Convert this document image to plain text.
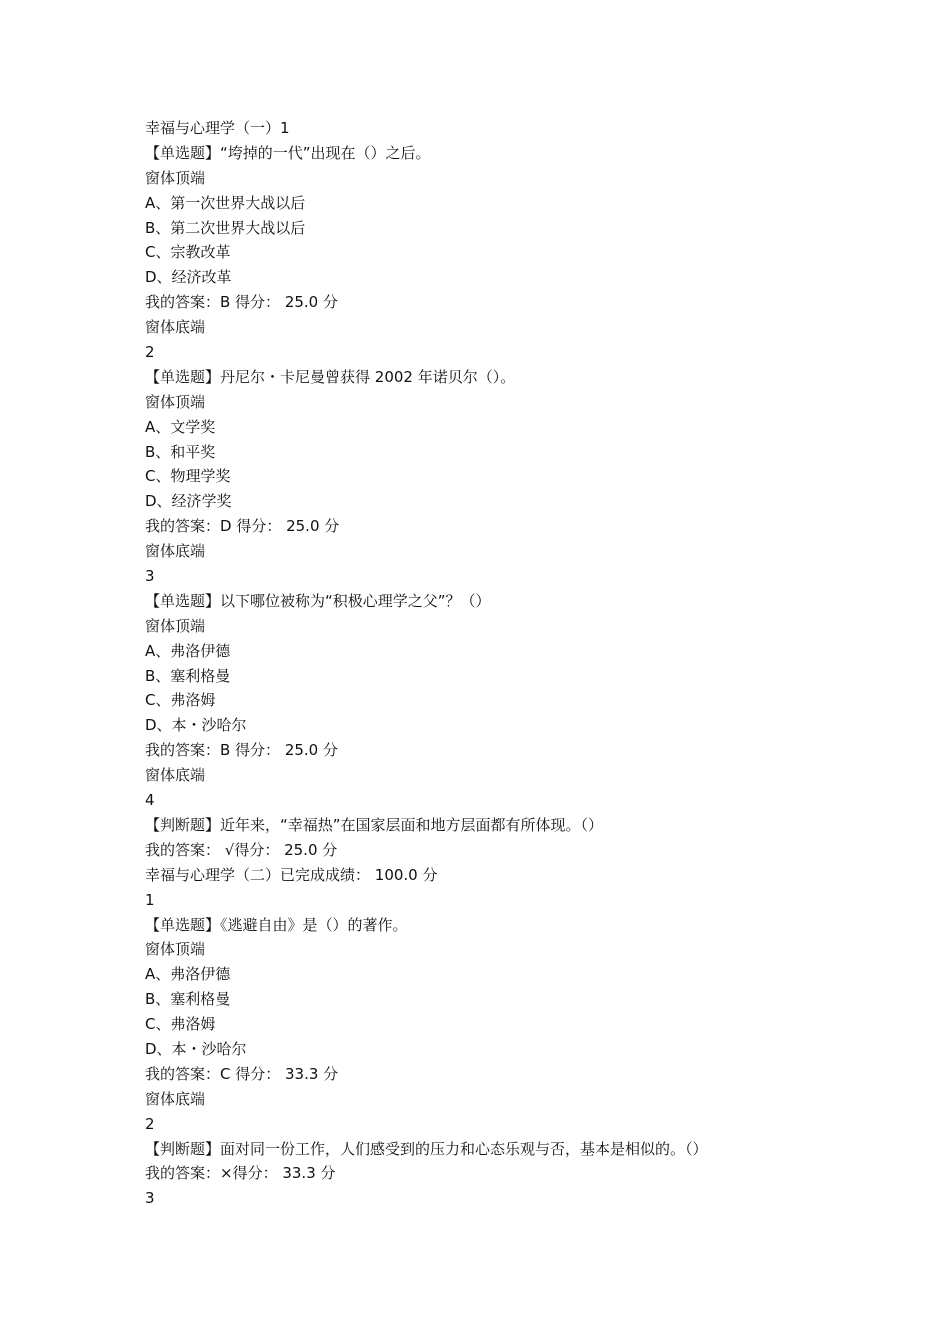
幸福与心理学（一）1
【单选题】“垮掉的一代”出现在（）之后。
窗体顶端
A、第一次世界大战以后
B、第二次世界大战以后
C、宗教改革
D、经济改革
我的答案：B 得分： 25.0 分
窗体底端
2
【单选题】丹尼尔・卡尼曼曾获得 2002 年诺贝尔（）。
窗体顶端
A、文学奖
B、和平奖
C、物理学奖
D、经济学奖
我的答案：D 得分： 25.0 分
窗体底端
3
【单选题】以下哪位被称为“积极心理学之父”？（）
窗体顶端
A、弗洛伊德
B、塞利格曼
C、弗洛姆
D、本・沙哈尔
我的答案：B 得分： 25.0 分
窗体底端
4
【判断题】近年来，“幸福热”在国家层面和地方层面都有所体现。（）
我的答案： √得分： 25.0 分
幸福与心理学（二）已完成成绩： 100.0 分
1
【单选题】《逃避自由》是（）的著作。
窗体顶端
A、弗洛伊德
B、塞利格曼
C、弗洛姆
D、本・沙哈尔
我的答案：C 得分： 33.3 分
窗体底端
2
【判断题】面对同一份工作，人们感受到的压力和心态乐观与否，基本是相似的。（）
我的答案：×得分： 33.3 分
3
